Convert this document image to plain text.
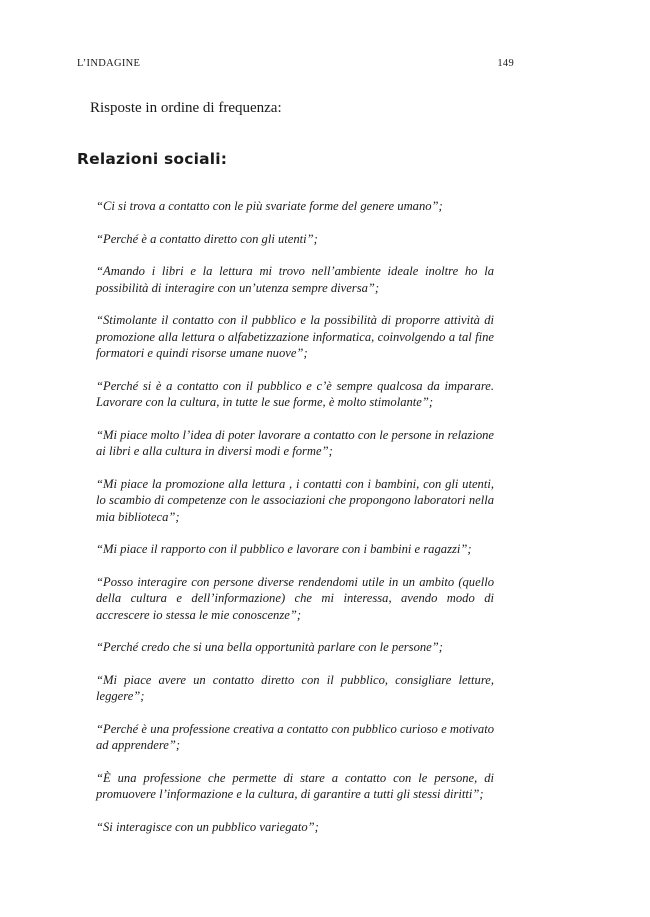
L’INDAGINE	149

Risposte in ordine di frequenza:

Relazioni sociali:
“Ci si trova a contatto con le più svariate forme del genere umano”;
“Perché è a contatto diretto con gli utenti”;
“Amando i libri e la lettura mi trovo nell’ambiente ideale inoltre ho la possibilità di interagire con un’utenza sempre diversa”;
“Stimolante il contatto con il pubblico e la possibilità di proporre attività di promozione alla lettura o alfabetizzazione informatica, coinvolgendo a tal fine formatori e quindi risorse umane nuove”;
“Perché si è a contatto con il pubblico e c’è sempre qualcosa da imparare. Lavorare con la cultura, in tutte le sue forme, è molto stimolante”;
“Mi piace molto l’idea di poter lavorare a contatto con le persone in relazione ai libri e alla cultura in diversi modi e forme”;
“Mi piace la promozione alla lettura , i contatti con i bambini, con gli utenti, lo scambio di competenze con le associazioni che propongono laboratori nella mia biblioteca”;
“Mi piace il rapporto con il pubblico e lavorare con i bambini e ragazzi”;
“Posso interagire con persone diverse rendendomi utile in un ambito (quello della cultura e dell’informazione) che mi interessa, avendo modo di accrescere io stessa le mie conoscenze”;
“Perché credo che si una bella opportunità parlare con le persone”;
“Mi piace avere un contatto diretto con il pubblico, consigliare letture, leggere”;
“Perché è una professione creativa a contatto con pubblico curioso e motivato ad apprendere”;
“È una professione che permette di stare a contatto con le persone, di promuovere l’informazione e la cultura, di garantire a tutti gli stessi diritti”;
“Si interagisce con un pubblico variegato”;
